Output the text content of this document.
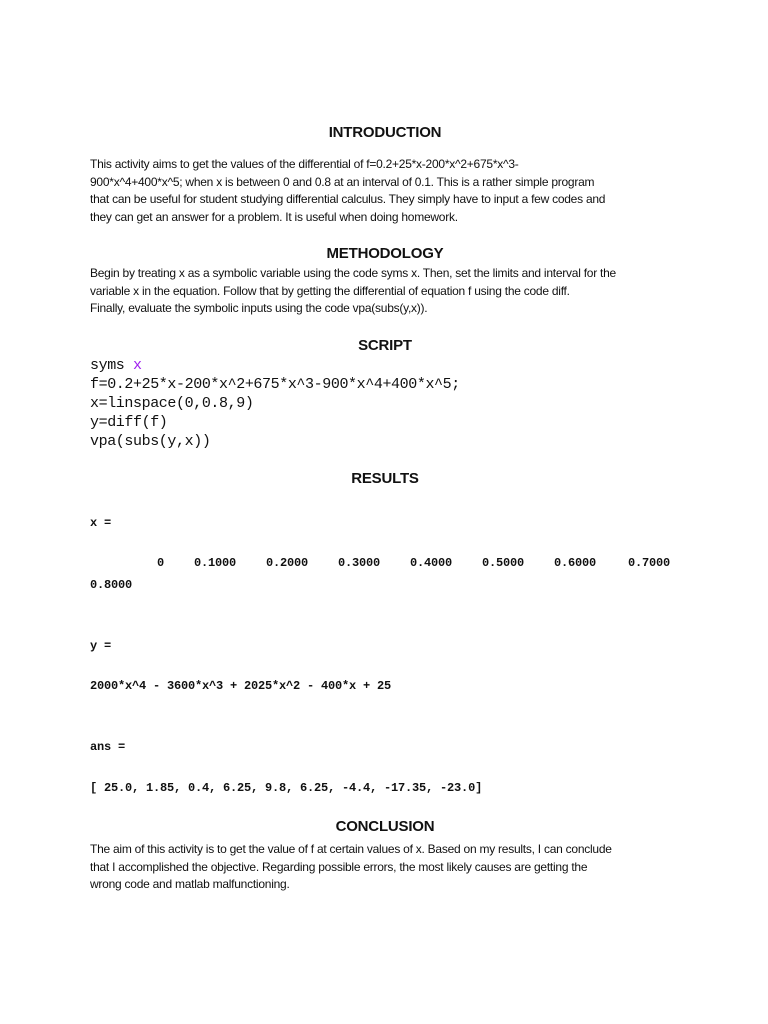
INTRODUCTION
This activity aims to get the values of the differential of f=0.2+25*x-200*x^2+675*x^3-
900*x^4+400*x^5; when x is between 0 and 0.8 at an interval of 0.1. This is a rather simple program
that can be useful for student studying differential calculus. They simply have to input a few codes and
they can get an answer for a problem. It is useful when doing homework.
METHODOLOGY
Begin by treating x as a symbolic variable using the code syms x. Then, set the limits and interval for the
variable x in the equation. Follow that by getting the differential of equation f using the code diff.
Finally, evaluate the symbolic inputs using the code vpa(subs(y,x)).
SCRIPT
syms x
f=0.2+25*x-200*x^2+675*x^3-900*x^4+400*x^5;
x=linspace(0,0.8,9)
y=diff(f)
vpa(subs(y,x))
RESULTS
x =
0	0.1000	0.2000	0.3000	0.4000	0.5000	0.6000	0.7000
0.8000
y =
2000*x^4 - 3600*x^3 + 2025*x^2 - 400*x + 25
ans =
[ 25.0, 1.85, 0.4, 6.25, 9.8, 6.25, -4.4, -17.35, -23.0]
CONCLUSION
The aim of this activity is to get the value of f at certain values of x. Based on my results, I can conclude
that I accomplished the objective. Regarding possible errors, the most likely causes are getting the
wrong code and matlab malfunctioning.
